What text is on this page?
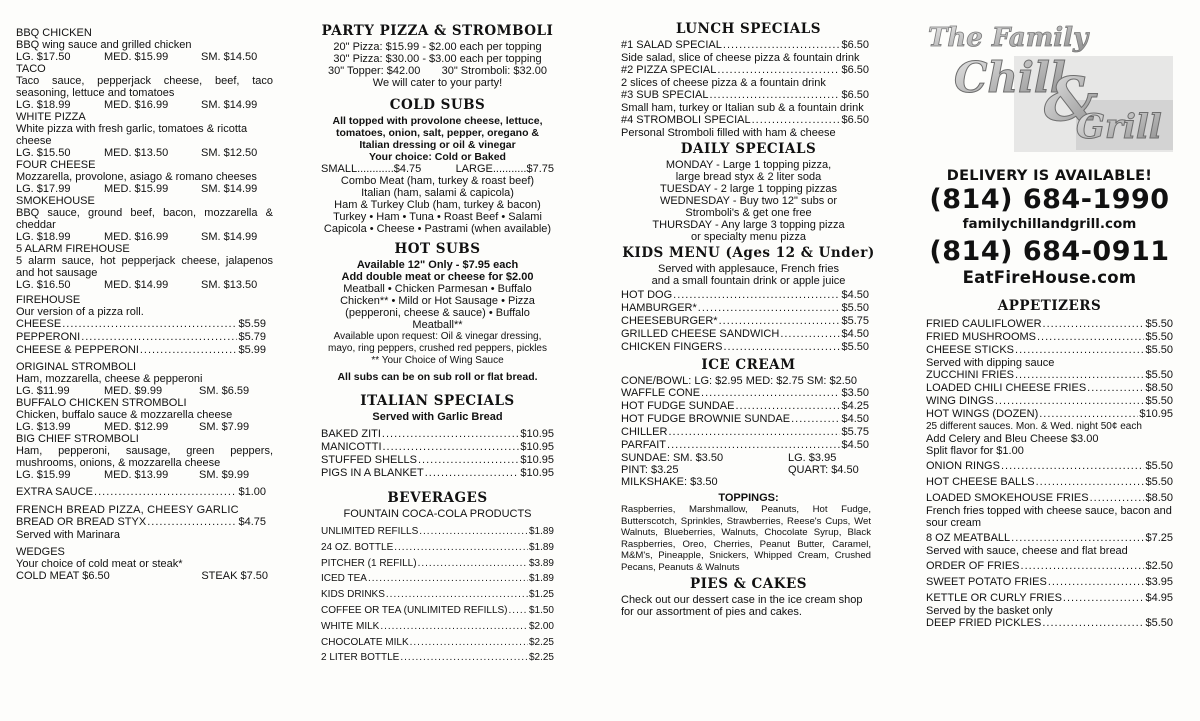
BBQ CHICKEN
BBQ wing sauce and grilled chicken
LG. $17.50	MED. $15.99	SM. $14.50
TACO
Taco sauce, pepperjack cheese, beef, taco seasoning, lettuce and tomatoes
LG. $18.99	MED. $16.99	SM. $14.99
WHITE PIZZA
White pizza with fresh garlic, tomatoes & ricotta cheese
LG. $15.50	MED. $13.50	SM. $12.50
FOUR CHEESE
Mozzarella, provolone, asiago & romano cheeses
LG. $17.99	MED. $15.99	SM. $14.99
SMOKEHOUSE
BBQ sauce, ground beef, bacon, mozzarella & cheddar
LG. $18.99	MED. $16.99	SM. $14.99
5 ALARM FIREHOUSE
5 alarm sauce, hot pepperjack cheese, jalapenos and hot sausage
LG. $16.50	MED. $14.99	SM. $13.50
FIREHOUSE
Our version of a pizza roll.
CHEESE .....	$5.59
PEPPERONI .....	$5.79
CHEESE & PEPPERONI .....	$5.99
ORIGINAL STROMBOLI
Ham, mozzarella, cheese & pepperoni
LG. $11.99	MED. $9.99	SM. $6.59
BUFFALO CHICKEN STROMBOLI
Chicken, buffalo sauce & mozzarella cheese
LG. $13.99	MED. $12.99	SM. $7.99
BIG CHIEF STROMBOLI
Ham, pepperoni, sausage, green peppers, mushrooms, onions, & mozzarella cheese
LG. $15.99	MED. $13.99	SM. $9.99
EXTRA SAUCE .....	$1.00
FRENCH BREAD PIZZA, CHEESY GARLIC
BREAD OR BREAD STYX .....	$4.75
Served with Marinara
WEDGES
Your choice of cold meat or steak*
COLD MEAT $6.50	STEAK $7.50
PARTY PIZZA & STROMBOLI
20" Pizza: $15.99 - $2.00 each per topping
30" Pizza: $30.00 - $3.00 each per topping
30" Topper: $42.00 30" Stromboli: $32.00
We will cater to your party!
COLD SUBS
All topped with provolone cheese, lettuce, tomatoes, onion, salt, pepper, oregano & Italian dressing or oil & vinegar
Your choice: Cold or Baked
SMALL............$4.75	LARGE...........$7.75
Combo Meat (ham, turkey & roast beef)
Italian (ham, salami & capicola)
Ham & Turkey Club (ham, turkey & bacon)
Turkey • Ham • Tuna • Roast Beef • Salami
Capicola • Cheese • Pastrami (when available)
HOT SUBS
Available 12" Only - $7.95 each
Add double meat or cheese for $2.00
Meatball • Chicken Parmesan • Buffalo Chicken** • Mild or Hot Sausage • Pizza (pepperoni, cheese & sauce) • Buffalo Meatball**
Available upon request: Oil & vinegar dressing, mayo, ring peppers, crushed red peppers, pickles
** Your Choice of Wing Sauce
All subs can be on sub roll or flat bread.
ITALIAN SPECIALS
Served with Garlic Bread
BAKED ZITI .....	$10.95
MANICOTTI .....	$10.95
STUFFED SHELLS .....	$10.95
PIGS IN A BLANKET .....	$10.95
BEVERAGES
FOUNTAIN COCA-COLA PRODUCTS
UNLIMITED REFILLS .....	$1.89
24 OZ. BOTTLE .....	$1.89
PITCHER (1 REFILL) .....	$3.89
ICED TEA .....	$1.89
KIDS DRINKS .....	$1.25
COFFEE OR TEA (UNLIMITED REFILLS) ..... $1.50
WHITE MILK .....	$2.00
CHOCOLATE MILK .....	$2.25
2 LITER BOTTLE .....	$2.25
LUNCH SPECIALS
#1 SALAD SPECIAL .....	$6.50
Side salad, slice of cheese pizza & fountain drink
#2 PIZZA SPECIAL .....	$6.50
2 slices of cheese pizza & a fountain drink
#3 SUB SPECIAL .....	$6.50
Small ham, turkey or Italian sub & a fountain drink
#4 STROMBOLI SPECIAL .....	$6.50
Personal Stromboli filled with ham & cheese
DAILY SPECIALS
MONDAY - Large 1 topping pizza,
large bread styx & 2 liter soda
TUESDAY - 2 large 1 topping pizzas
WEDNESDAY - Buy two 12" subs or
Stromboli's & get one free
THURSDAY - Any large 3 topping pizza
or specialty menu pizza
KIDS MENU (Ages 12 & Under)
Served with applesauce, French fries
and a small fountain drink or apple juice
HOT DOG .....	$4.50
HAMBURGER* .....	$5.50
CHEESEBURGER* .....	$5.75
GRILLED CHEESE SANDWICH .....	$4.50
CHICKEN FINGERS .....	$5.50
ICE CREAM
CONE/BOWL: LG: $2.95 MED: $2.75 SM: $2.50
WAFFLE CONE .....	$3.50
HOT FUDGE SUNDAE .....	$4.25
HOT FUDGE BROWNIE SUNDAE .....	$4.50
CHILLER .....	$5.75
PARFAIT .....	$4.50
SUNDAE: SM. $3.50	LG. $3.95
PINT: $3.25	QUART: $4.50
MILKSHAKE: $3.50
TOPPINGS:
Raspberries, Marshmallow, Peanuts, Hot Fudge, Butterscotch, Sprinkles, Strawberries, Reese's Cups, Wet Walnuts, Blueberries, Walnuts, Chocolate Syrup, Black Raspberries, Oreo, Cherries, Peanut Butter, Caramel, M&M's, Pineapple, Snickers, Whipped Cream, Crushed Pecans, Peanuts & Walnuts
PIES & CAKES
Check out our dessert case in the ice cream shop for our assortment of pies and cakes.
The Family
Chill
&
Grill
DELIVERY IS AVAILABLE!
(814) 684-1990
familychillandgrill.com
(814) 684-0911
EatFireHouse.com
APPETIZERS
FRIED CAULIFLOWER .....	$5.50
FRIED MUSHROOMS .....	$5.50
CHEESE STICKS .....	$5.50
Served with dipping sauce
ZUCCHINI FRIES .....	$5.50
LOADED CHILI CHEESE FRIES .....	$8.50
WING DINGS .....	$5.50
HOT WINGS (DOZEN) .....	$10.95
25 different sauces. Mon. & Wed. night 50¢ each
Add Celery and Bleu Cheese $3.00
Split flavor for $1.00
ONION RINGS .....	$5.50
HOT CHEESE BALLS .....	$5.50
LOADED SMOKEHOUSE FRIES .....	$8.50
French fries topped with cheese sauce, bacon and sour cream
8 OZ MEATBALL .....	$7.25
Served with sauce, cheese and flat bread
ORDER OF FRIES .....	$2.50
SWEET POTATO FRIES .....	$3.95
KETTLE OR CURLY FRIES .....	$4.95
Served by the basket only
DEEP FRIED PICKLES .....	$5.50
